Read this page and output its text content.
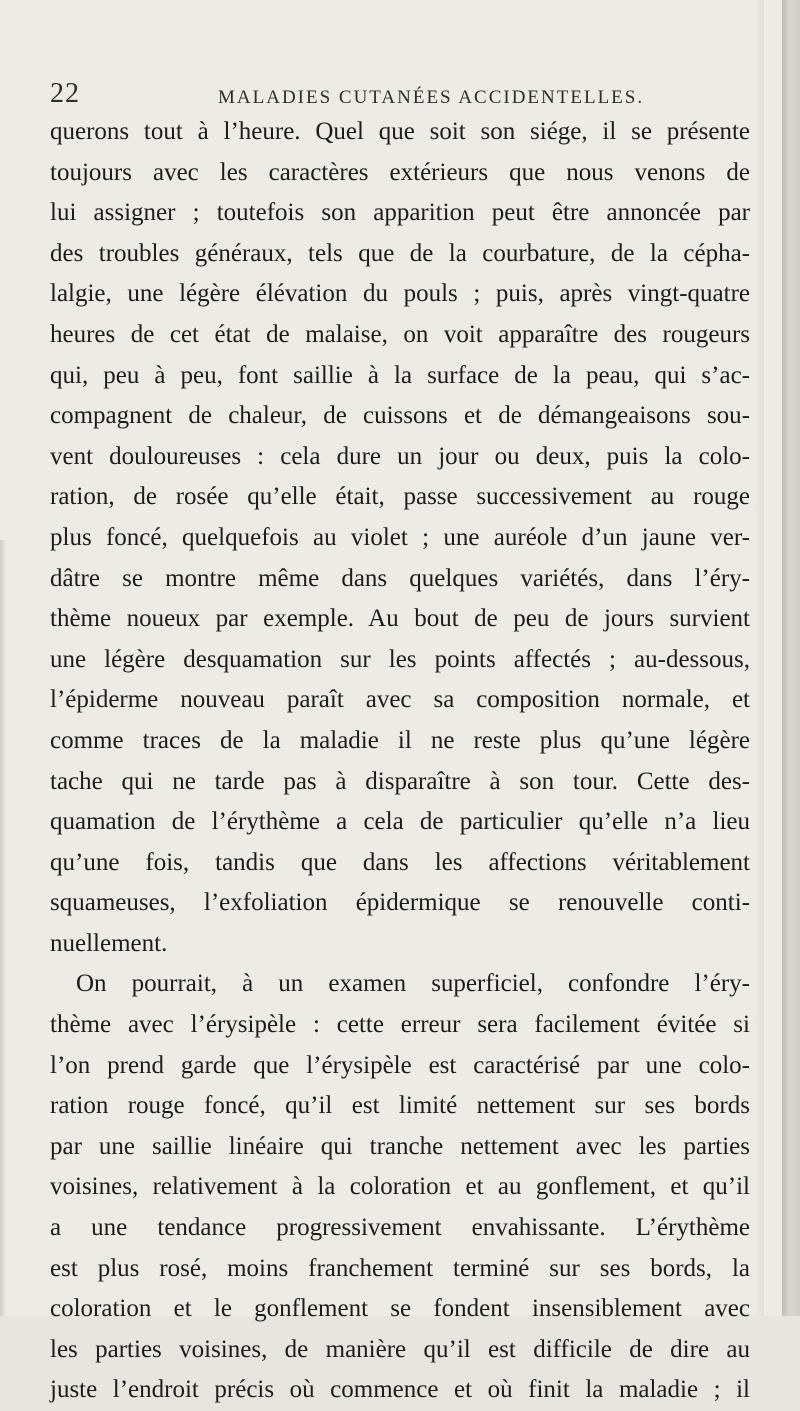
22	MALADIES CUTANÉES ACCIDENTELLES.
querons tout à l’heure. Quel que soit son siége, il se présente
toujours avec les caractères extérieurs que nous venons de
lui assigner ; toutefois son apparition peut être annoncée par
des troubles généraux, tels que de la courbature, de la cépha-
lalgie, une légère élévation du pouls ; puis, après vingt-quatre
heures de cet état de malaise, on voit apparaître des rougeurs
qui, peu à peu, font saillie à la surface de la peau, qui s’ac-
compagnent de chaleur, de cuissons et de démangeaisons sou-
vent douloureuses : cela dure un jour ou deux, puis la colo-
ration, de rosée qu’elle était, passe successivement au rouge
plus foncé, quelquefois au violet ; une auréole d’un jaune ver-
dâtre se montre même dans quelques variétés, dans l’éry-
thème noueux par exemple. Au bout de peu de jours survient
une légère desquamation sur les points affectés ; au-dessous,
l’épiderme nouveau paraît avec sa composition normale, et
comme traces de la maladie il ne reste plus qu’une légère
tache qui ne tarde pas à disparaître à son tour. Cette des-
quamation de l’érythème a cela de particulier qu’elle n’a lieu
qu’une fois, tandis que dans les affections véritablement
squameuses, l’exfoliation épidermique se renouvelle conti-
nuellement.
On pourrait, à un examen superficiel, confondre l’éry-
thème avec l’érysipèle : cette erreur sera facilement évitée si
l’on prend garde que l’érysipèle est caractérisé par une colo-
ration rouge foncé, qu’il est limité nettement sur ses bords
par une saillie linéaire qui tranche nettement avec les parties
voisines, relativement à la coloration et au gonflement, et qu’il
a une tendance progressivement envahissante. L’érythème
est plus rosé, moins franchement terminé sur ses bords, la
coloration et le gonflement se fondent insensiblement avec
les parties voisines, de manière qu’il est difficile de dire au
juste l’endroit précis où commence et où finit la maladie ; il
